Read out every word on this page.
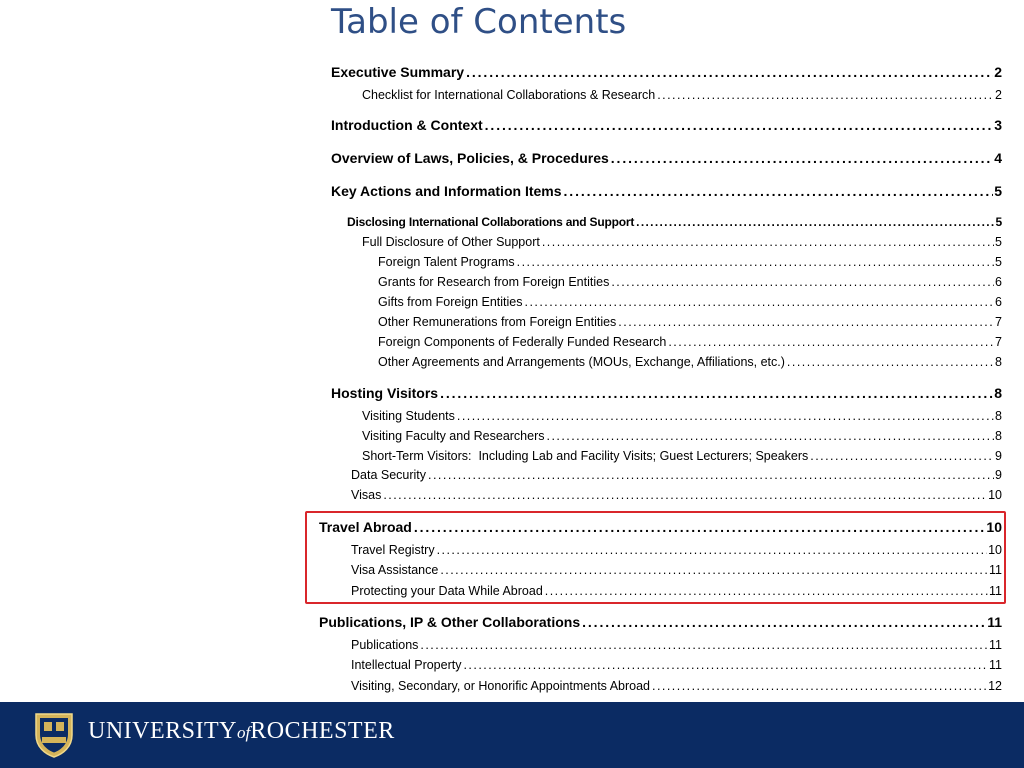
Table of Contents
Executive Summary . . .	2
Checklist for International Collaborations & Research . . .	2
Introduction & Context . . .	3
Overview of Laws, Policies, & Procedures . . .	4
Key Actions and Information Items . . .	5
Disclosing International Collaborations and Support . . .	5
Full Disclosure of Other Support . . .	5
Foreign Talent Programs . . .	5
Grants for Research from Foreign Entities . . .	6
Gifts from Foreign Entities . . .	6
Other Remunerations from Foreign Entities . . .	7
Foreign Components of Federally Funded Research . . .	7
Other Agreements and Arrangements (MOUs, Exchange, Affiliations, etc.) . . .	8
Hosting Visitors . . .	8
Visiting Students . . .	8
Visiting Faculty and Researchers . . .	8
Short-Term Visitors:  Including Lab and Facility Visits; Guest Lecturers; Speakers . . .	9
Data Security . . .	9
Visas . . .	10
Travel Abroad . . .	10
Travel Registry . . .	10
Visa Assistance . . .	11
Protecting your Data While Abroad . . .	11
Publications, IP & Other Collaborations . . .	11
Publications . . .	11
Intellectual Property . . .	11
Visiting, Secondary, or Honorific Appointments Abroad . . .	12
UNIVERSITYofROCHESTER
